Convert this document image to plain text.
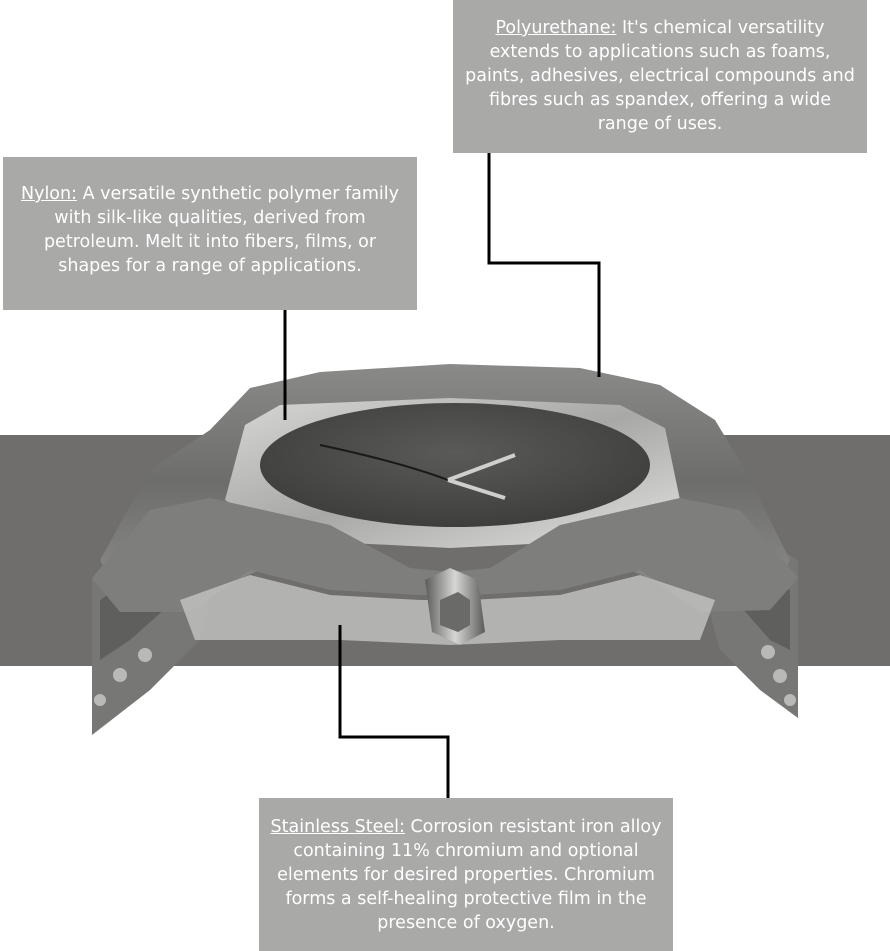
Polyurethane: It's chemical versatility extends to applications such as foams, paints, adhesives, electrical compounds and fibres such as spandex, offering a wide range of uses.
Nylon: A versatile synthetic polymer family with silk-like qualities, derived from petroleum. Melt it into fibers, films, or shapes for a range of applications.
Stainless Steel: Corrosion resistant iron alloy containing 11% chromium and optional elements for desired properties. Chromium forms a self-healing protective film in the presence of oxygen.
